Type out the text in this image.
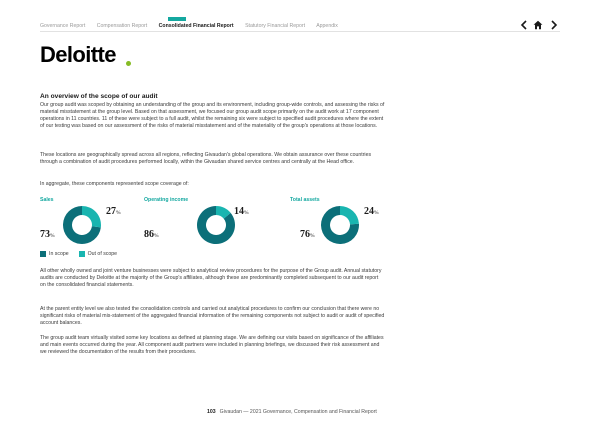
Governance Report Compensation Report Consolidated Financial Report Statutory Financial Report Appendix
Deloitte
An overview of the scope of our audit

Our group audit was scoped by obtaining an understanding of the group and its environment, including group-wide controls, and assessing the risks of material misstatement at the group level. Based on that assessment, we focused our group audit scope primarily on the audit work at 17 component operations in 11 countries. 11 of these were subject to a full audit, whilst the remaining six were subject to specified audit procedures where the extent of our testing was based on our assessment of the risks of material misstatement and of the materiality of the group's operations at those locations.

These locations are geographically spread across all regions, reflecting Givaudan's global operations. We obtain assurance over these countries through a combination of audit procedures performed locally, within the Givaudan shared service centres and centrally at the Head office.

In aggregate, these components represented scope coverage of:

Sales
27%
73%
Operating income
14%
86%
Total assets
24%
76%
In scope	Out of scope

All other wholly owned and joint venture businesses were subject to analytical review procedures for the purpose of the Group audit. Annual statutory audits are conducted by Deloitte at the majority of the Group's affiliates, although these are predominantly completed subsequent to our audit report on the consolidated financial statements.

At the parent entity level we also tested the consolidation controls and carried out analytical procedures to confirm our conclusion that there were no significant risks of material mis-statement of the aggregated financial information of the remaining components not subject to audit or audit of specified account balances.

The group audit team virtually visited some key locations as defined at planning stage. We are defining our visits based on significance of the affiliates and main events occurred during the year. All component audit partners were included in planning briefings, we discussed their risk assessment and we reviewed the documentation of the results from their procedures.

103 Givaudan — 2021 Governance, Compensation and Financial Report
